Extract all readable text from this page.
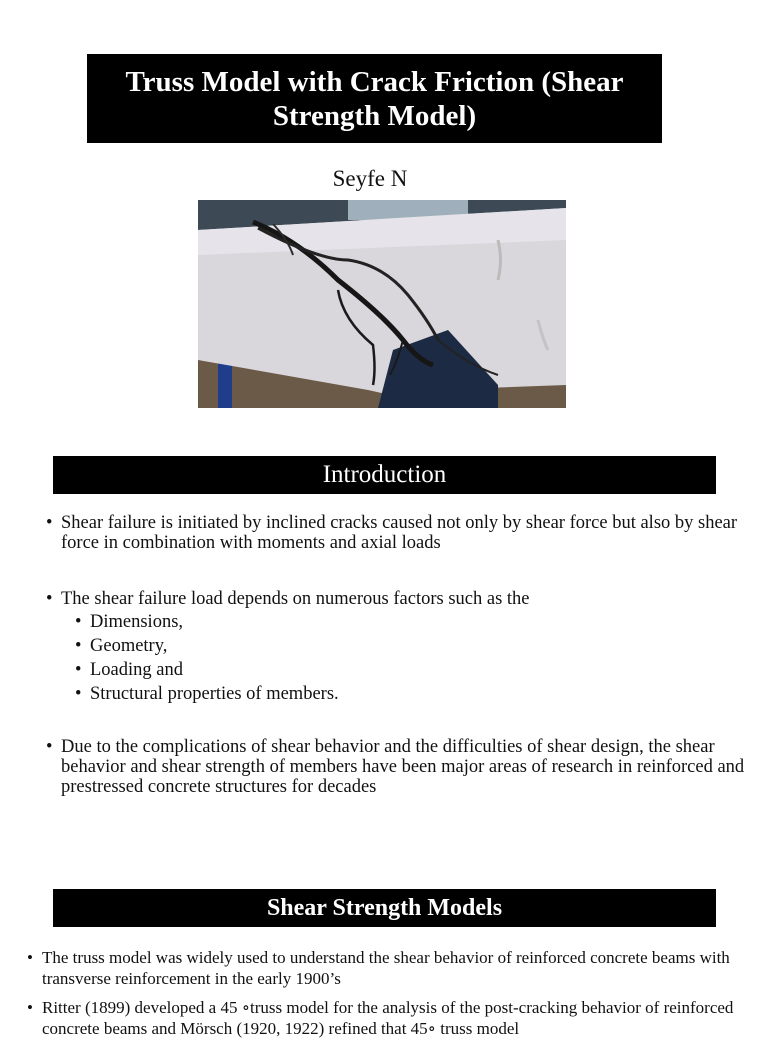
Truss Model with Crack Friction (Shear Strength Model)
Seyfe N
Introduction
• Shear failure is initiated by inclined cracks caused not only by shear force but also by shear force in combination with moments and axial loads
• The shear failure load depends on numerous factors such as the
• Dimensions,
• Geometry,
• Loading and
• Structural properties of members.
• Due to the complications of shear behavior and the difficulties of shear design, the shear behavior and shear strength of members have been major areas of research in reinforced and prestressed concrete structures for decades
Shear Strength Models
• The truss model was widely used to understand the shear behavior of reinforced concrete beams with transverse reinforcement in the early 1900’s
• Ritter (1899) developed a 45 ∘truss model for the analysis of the post-cracking behavior of reinforced concrete beams and Mörsch (1920, 1922) refined that 45∘ truss model
